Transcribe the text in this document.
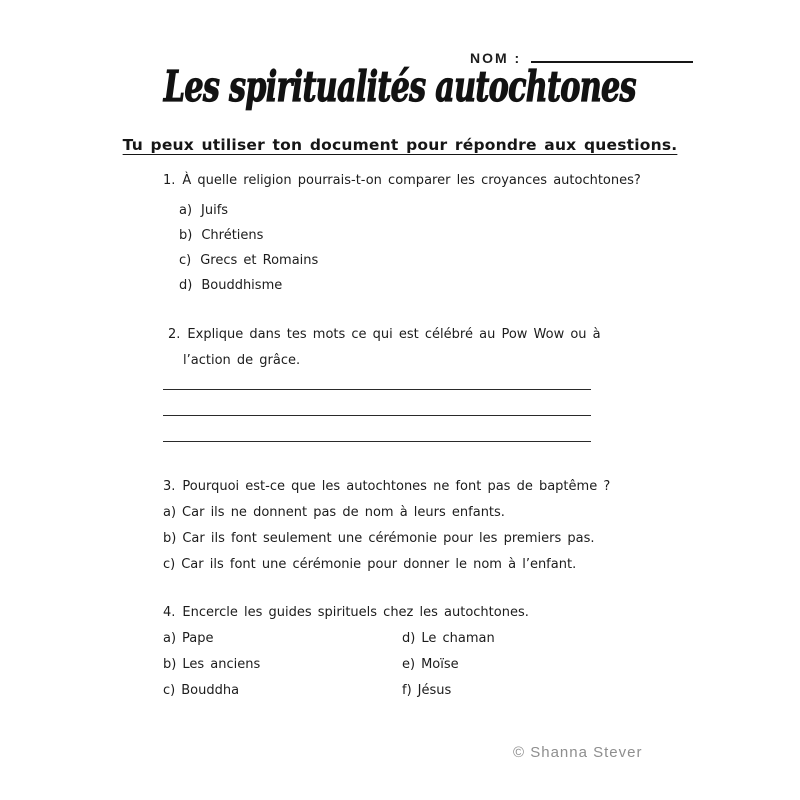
NOM :
Les spiritualités autochtones
Tu peux utiliser ton document pour répondre aux questions.
1. À quelle religion pourrais-t-on comparer les croyances autochtones?
a) Juifs
b) Chrétiens
c) Grecs et Romains
d) Bouddhisme
2. Explique dans tes mots ce qui est célébré au Pow Wow ou à l’action de grâce.
3. Pourquoi est-ce que les autochtones ne font pas de baptême ?
a) Car ils ne donnent pas de nom à leurs enfants.
b) Car ils font seulement une cérémonie pour les premiers pas.
c) Car ils font une cérémonie pour donner le nom à l’enfant.
4. Encercle les guides spirituels chez les autochtones.
a) Pape	d) Le chaman
b) Les anciens	e) Moïse
c) Bouddha	f) Jésus
© Shanna Stever
